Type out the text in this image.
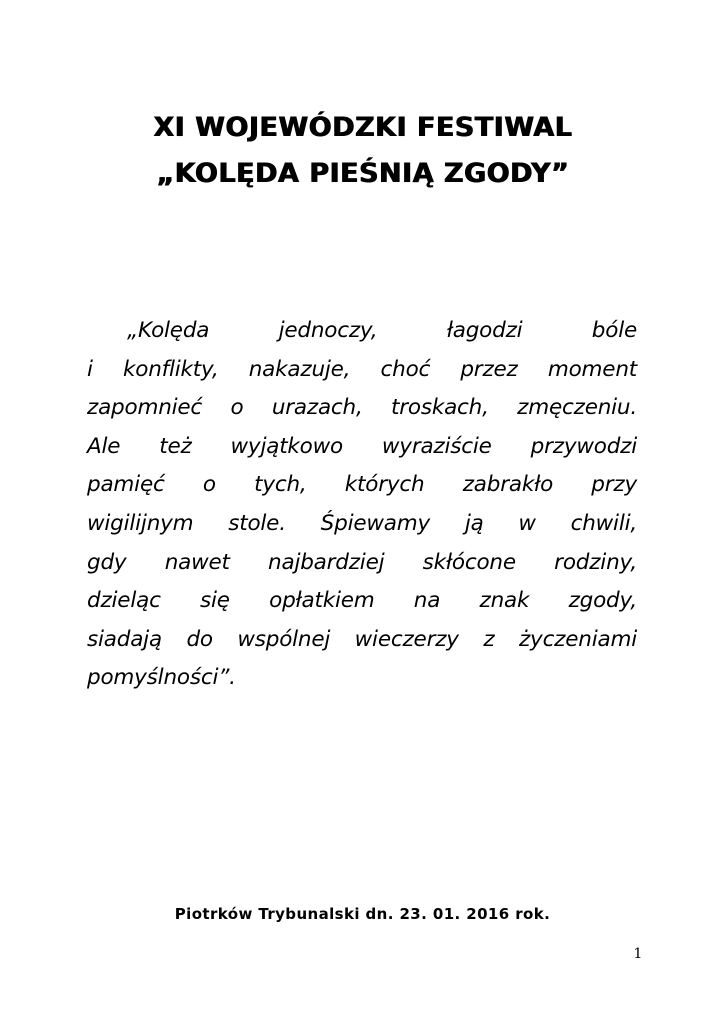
XI WOJEWÓDZKI FESTIWAL
„KOLĘDA PIEŚNIĄ ZGODY”
„Kolęda jednoczy, łagodzi bóle
i konflikty, nakazuje, choć przez moment
zapomnieć o urazach, troskach, zmęczeniu.
Ale też wyjątkowo wyraziście przywodzi
pamięć o tych, których zabrakło przy
wigilijnym stole. Śpiewamy ją w chwili,
gdy nawet najbardziej skłócone rodziny,
dzieląc się opłatkiem na znak zgody,
siadają do wspólnej wieczerzy z życzeniami
pomyślności”.
Piotrków Trybunalski dn. 23. 01. 2016 rok.
1
